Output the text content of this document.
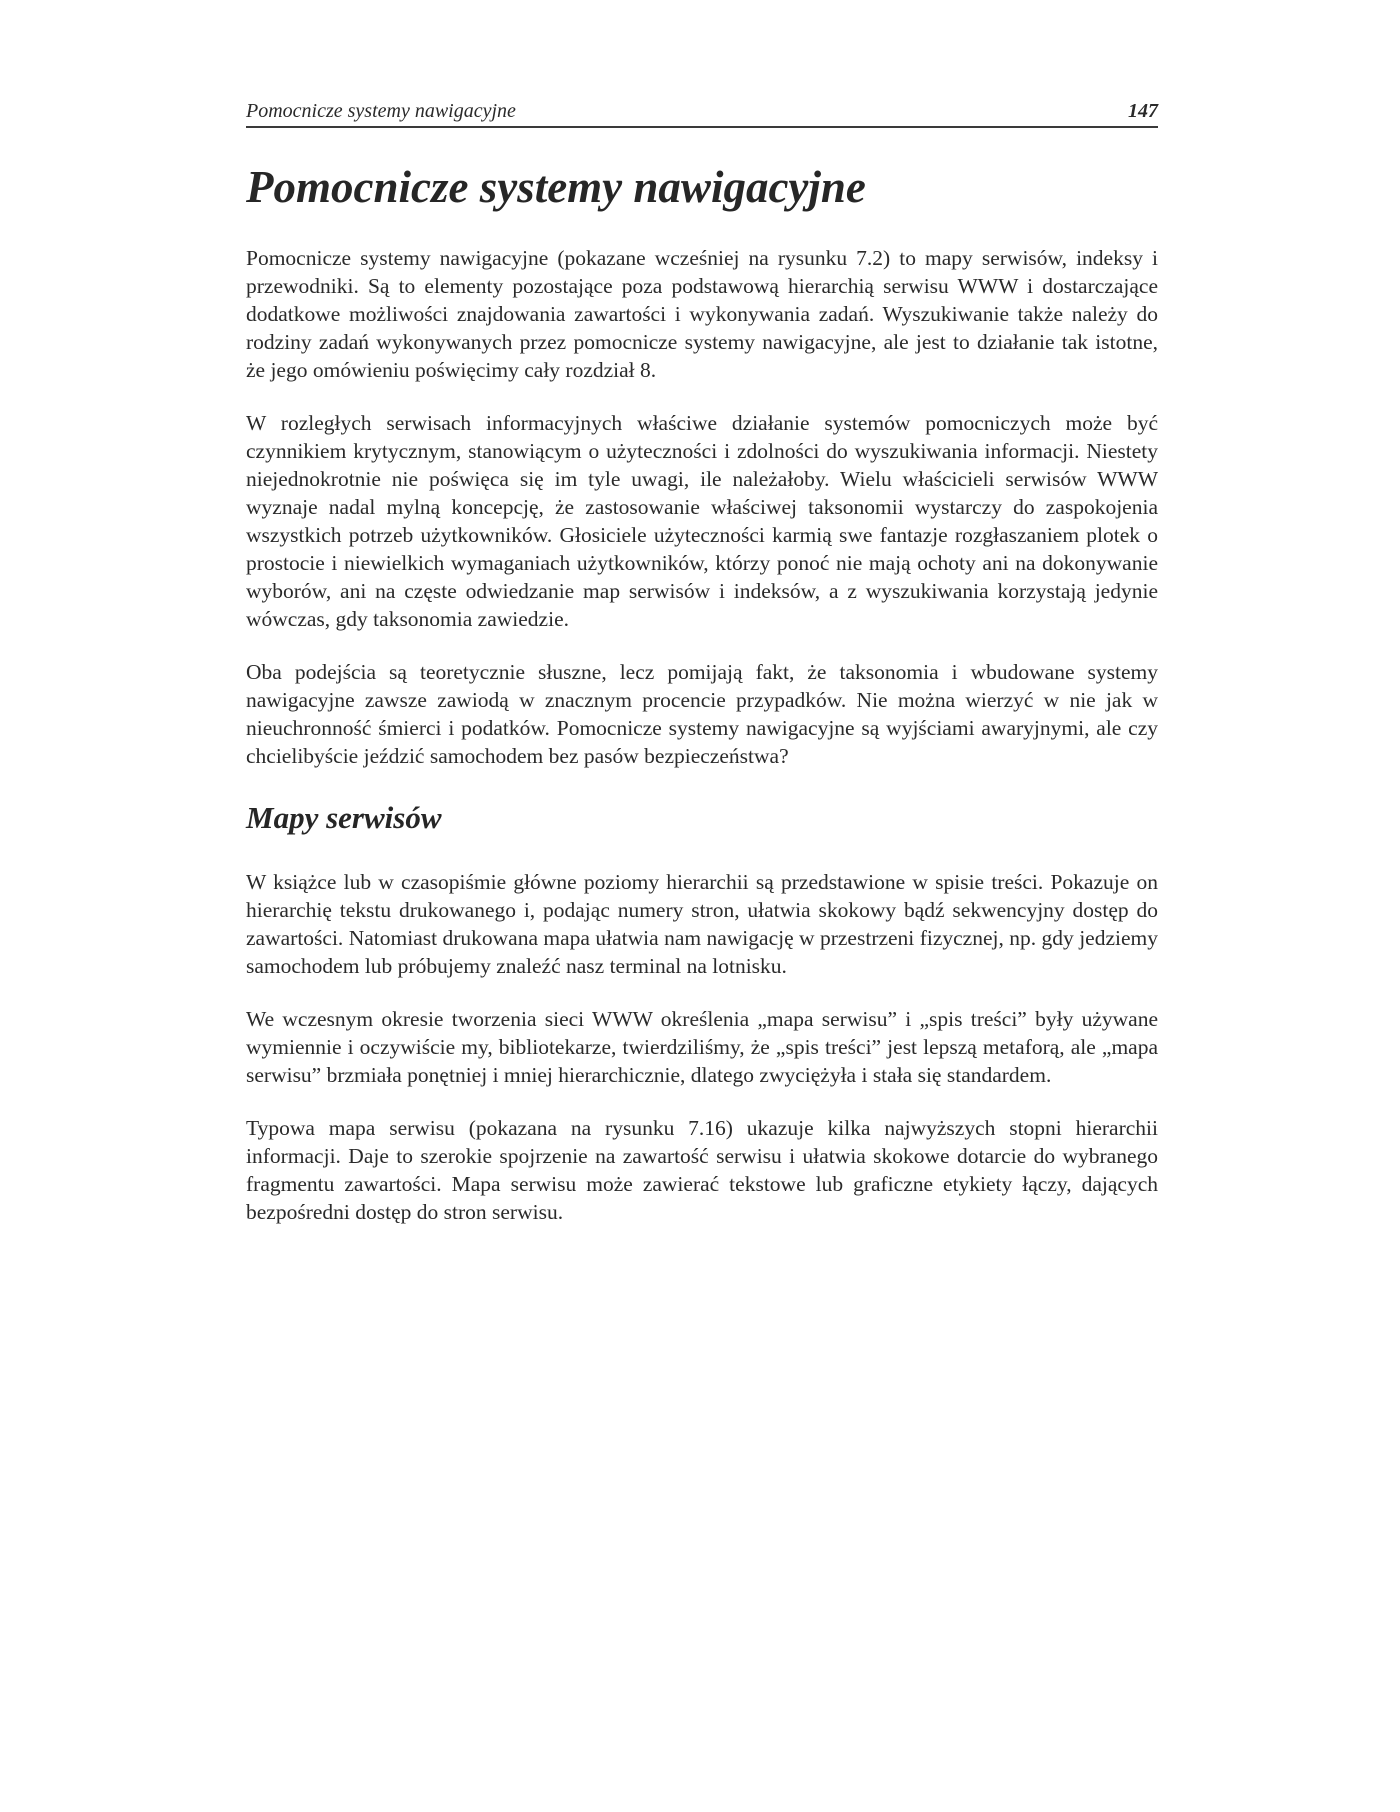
Pomocnicze systemy nawigacyjne	147
Pomocnicze systemy nawigacyjne

Pomocnicze systemy nawigacyjne (pokazane wcześniej na rysunku 7.2) to mapy serwisów, indeksy i przewodniki. Są to elementy pozostające poza podstawową hierarchią serwisu WWW i dostarczające dodatkowe możliwości znajdowania zawartości i wykonywania zadań. Wyszukiwanie także należy do rodziny zadań wykonywanych przez pomocnicze systemy nawigacyjne, ale jest to działanie tak istotne, że jego omówieniu poświęcimy cały rozdział 8.

W rozległych serwisach informacyjnych właściwe działanie systemów pomocniczych może być czynnikiem krytycznym, stanowiącym o użyteczności i zdolności do wyszukiwania informacji. Niestety niejednokrotnie nie poświęca się im tyle uwagi, ile należałoby. Wielu właścicieli serwisów WWW wyznaje nadal mylną koncepcję, że zastosowanie właściwej taksonomii wystarczy do zaspokojenia wszystkich potrzeb użytkowników. Głosiciele użyteczności karmią swe fantazje rozgłaszaniem plotek o prostocie i niewielkich wymaganiach użytkowników, którzy ponoć nie mają ochoty ani na dokonywanie wyborów, ani na częste odwiedzanie map serwisów i indeksów, a z wyszukiwania korzystają jedynie wówczas, gdy taksonomia zawiedzie.

Oba podejścia są teoretycznie słuszne, lecz pomijają fakt, że taksonomia i wbudowane systemy nawigacyjne zawsze zawiodą w znacznym procencie przypadków. Nie można wierzyć w nie jak w nieuchronność śmierci i podatków. Pomocnicze systemy nawigacyjne są wyjściami awaryjnymi, ale czy chcielibyście jeździć samochodem bez pasów bezpieczeństwa?

Mapy serwisów

W książce lub w czasopiśmie główne poziomy hierarchii są przedstawione w spisie treści. Pokazuje on hierarchię tekstu drukowanego i, podając numery stron, ułatwia skokowy bądź sekwencyjny dostęp do zawartości. Natomiast drukowana mapa ułatwia nam nawigację w przestrzeni fizycznej, np. gdy jedziemy samochodem lub próbujemy znaleźć nasz terminal na lotnisku.

We wczesnym okresie tworzenia sieci WWW określenia „mapa serwisu” i „spis treści” były używane wymiennie i oczywiście my, bibliotekarze, twierdziliśmy, że „spis treści” jest lepszą metaforą, ale „mapa serwisu” brzmiała ponętniej i mniej hierarchicznie, dlatego zwyciężyła i stała się standardem.

Typowa mapa serwisu (pokazana na rysunku 7.16) ukazuje kilka najwyższych stopni hierarchii informacji. Daje to szerokie spojrzenie na zawartość serwisu i ułatwia skokowe dotarcie do wybranego fragmentu zawartości. Mapa serwisu może zawierać tekstowe lub graficzne etykiety łączy, dających bezpośredni dostęp do stron serwisu.
